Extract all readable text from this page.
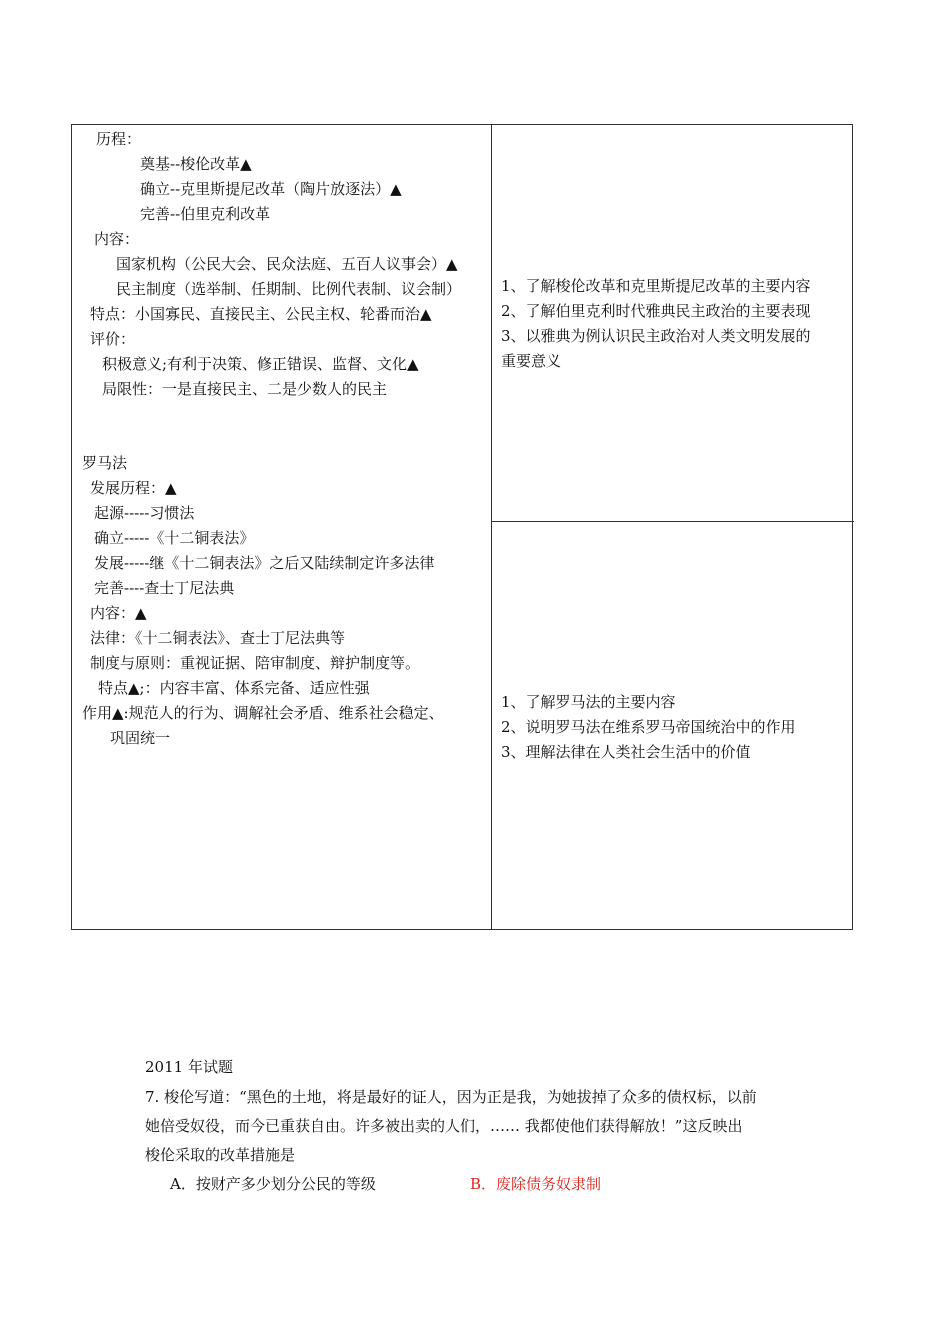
历程：
奠基--梭伦改革▲
确立--克里斯提尼改革（陶片放逐法）▲
完善--伯里克利改革
内容：
国家机构（公民大会、民众法庭、五百人议事会）▲
民主制度（选举制、任期制、比例代表制、议会制）
特点：小国寡民、直接民主、公民主权、轮番而治▲
评价：
积极意义;有利于决策、修正错误、监督、文化▲
局限性：一是直接民主、二是少数人的民主
罗马法
发展历程：▲
起源-----习惯法
确立-----《十二铜表法》
发展-----继《十二铜表法》之后又陆续制定许多法律
完善----查士丁尼法典
内容：▲
法律：《十二铜表法》、查士丁尼法典等
制度与原则：重视证据、陪审制度、辩护制度等。
特点▲;：内容丰富、体系完备、适应性强
作用▲:规范人的行为、调解社会矛盾、维系社会稳定、
巩固统一
1、了解梭伦改革和克里斯提尼改革的主要内容
2、了解伯里克利时代雅典民主政治的主要表现
3、以雅典为例认识民主政治对人类文明发展的
重要意义
1、了解罗马法的主要内容
2、说明罗马法在维系罗马帝国统治中的作用
3、理解法律在人类社会生活中的价值
2011 年试题
7. 梭伦写道：“黑色的土地，将是最好的证人，因为正是我，为她拔掉了众多的债权标，以前
她倍受奴役，而今已重获自由。许多被出卖的人们，…… 我都使他们获得解放！”这反映出
梭伦采取的改革措施是
A．按财产多少划分公民的等级	B．废除债务奴隶制
